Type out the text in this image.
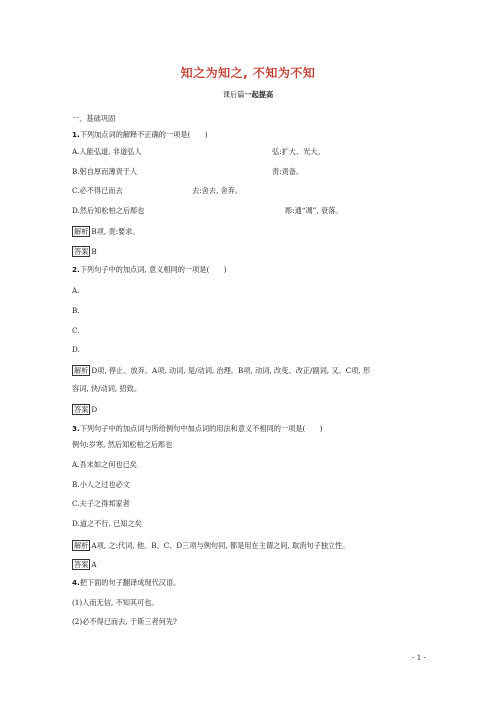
知之为知之, 不知为不知
课后篇一起提高
一、基础巩固
1.下列加点词的解释不正确的一项是(　　)
A.人能弘道, 非道弘人	弘:扩大、光大。
B.躬自厚而薄责于人	责:责备。
C.必不得已而去	去:舍去, 舍弃。
D.然后知松柏之后彫也	彫:通“凋”, 衰落。
解析 B项, 责:要求。
答案 B
2.下列句子中的加点词, 意义相同的一项是(　　)
A.
B.
C.
D.
解析 D项, 停止、放弃。A项, 动词, 是/动词, 治理。B项, 动词, 改变、改正/副词, 又。C项, 形
容词, 快/动词, 招致。
答案 D
3.下列句子中的加点词与所给例句中加点词的用法和意义不相同的一项是(　　)
例句:岁寒, 然后知松柏之后彫也
A.吾末如之何也已矣
B.小人之过也必文
C.夫子之得邦家者
D.道之不行, 已知之矣
解析 A项, 之:代词, 他。B、C、D三项与例句同, 都是用在主谓之间, 取消句子独立性。
答案 A
4.把下面的句子翻译成现代汉语。
(1)人而无信, 不知其可也。
(2)必不得已而去, 于斯三者何先?
- 1 -
